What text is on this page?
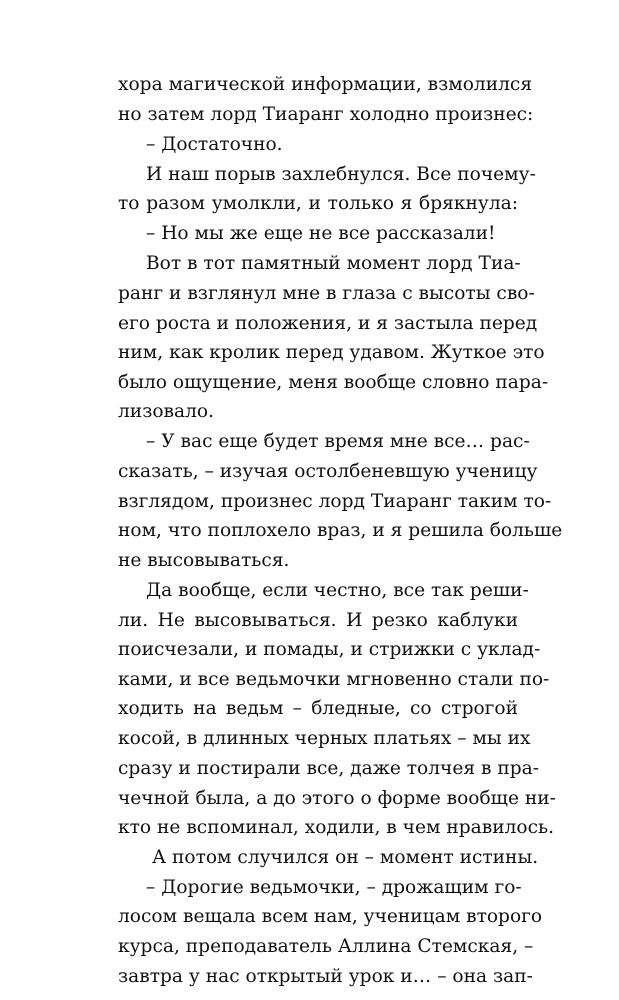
хора магической информации, взмолился
но затем лорд Тиаранг холодно произнес:
– Достаточно.
И наш порыв захлебнулся. Все почему-
то разом умолкли, и только я брякнула:
– Но мы же еще не все рассказали!
Вот в тот памятный момент лорд Тиа-
ранг и взглянул мне в глаза с высоты сво-
его роста и положения, и я застыла перед
ним, как кролик перед удавом. Жуткое это
было ощущение, меня вообще словно пара-
лизовало.
– У вас еще будет время мне все… рас-
сказать, – изучая остолбеневшую ученицу
взглядом, произнес лорд Тиаранг таким то-
ном, что поплохело враз, и я решила больше
не высовываться.
Да вообще, если честно, все так реши-
ли. Не высовываться. И резко каблуки
поисчезали, и помады, и стрижки с уклад-
ками, и все ведьмочки мгновенно стали по-
ходить на ведьм – бледные, со строгой
косой, в длинных черных платьях – мы их
сразу и постирали все, даже толчея в пра-
чечной была, а до этого о форме вообще ни-
кто не вспоминал, ходили, в чем нравилось.
А потом случился он – момент истины.
– Дорогие ведьмочки, – дрожащим го-
лосом вещала всем нам, ученицам второго
курса, преподаватель Аллина Стемская, –
завтра у нас открытый урок и… – она зап-
